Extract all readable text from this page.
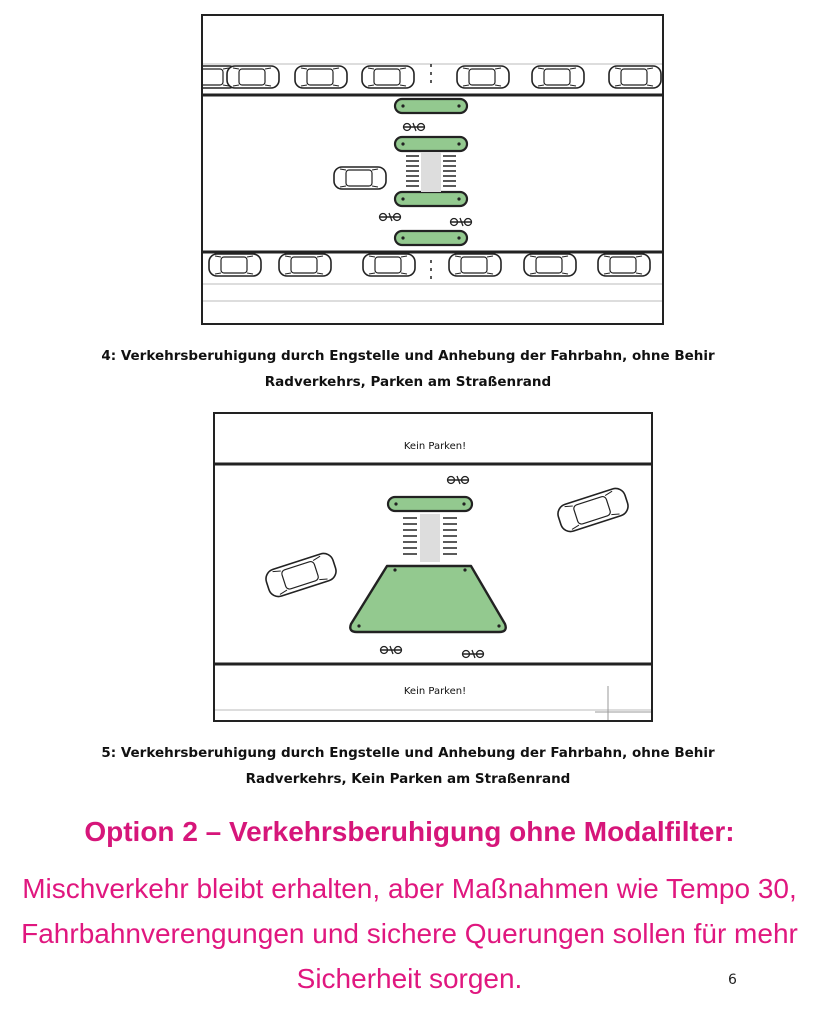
4: Verkehrsberuhigung durch Engstelle und Anhebung der Fahrbahn, ohne Behir
Radverkehrs, Parken am Straßenrand
Kein Parken!
Kein Parken!
5: Verkehrsberuhigung durch Engstelle und Anhebung der Fahrbahn, ohne Behir
Radverkehrs, Kein Parken am Straßenrand
Option 2 – Verkehrsberuhigung ohne Modalfilter:
Mischverkehr bleibt erhalten, aber Maßnahmen wie Tempo 30, Fahrbahnverengungen und sichere Querungen sollen für mehr Sicherheit sorgen.	6
